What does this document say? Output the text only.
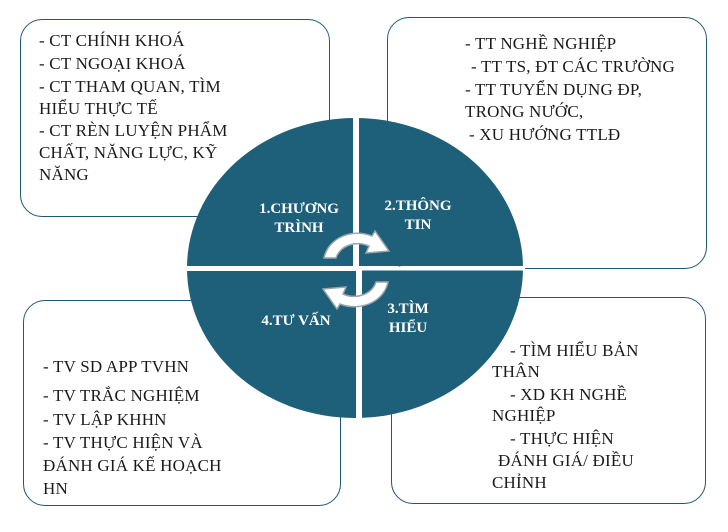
- CT CHÍNH KHOÁ
- CT NGOẠI KHOÁ
- CT THAM QUAN, TÌM
HIỂU THỰC TẾ
- CT RÈN LUYỆN PHẨM
CHẤT, NĂNG LỰC, KỸ
NĂNG
- TT NGHỀ NGHIỆP
- TT TS, ĐT CÁC TRƯỜNG
- TT TUYỂN DỤNG ĐP,
TRONG NƯỚC,
- XU HƯỚNG TTLĐ
- TV SD APP TVHN
- TV TRẮC NGHIỆM
- TV LẬP KHHN
- TV THỰC HIỆN VÀ
ĐÁNH GIÁ KẾ HOẠCH
HN
- TÌM HIỂU BẢN
THÂN
- XD KH NGHỀ
NGHIỆP
- THỰC HIỆN
ĐÁNH GIÁ/ ĐIỀU
CHỈNH
1.CHƯƠNG
TRÌNH
2.THÔNG
TIN
3.TÌM
HIỂU
4.TƯ VẤN
